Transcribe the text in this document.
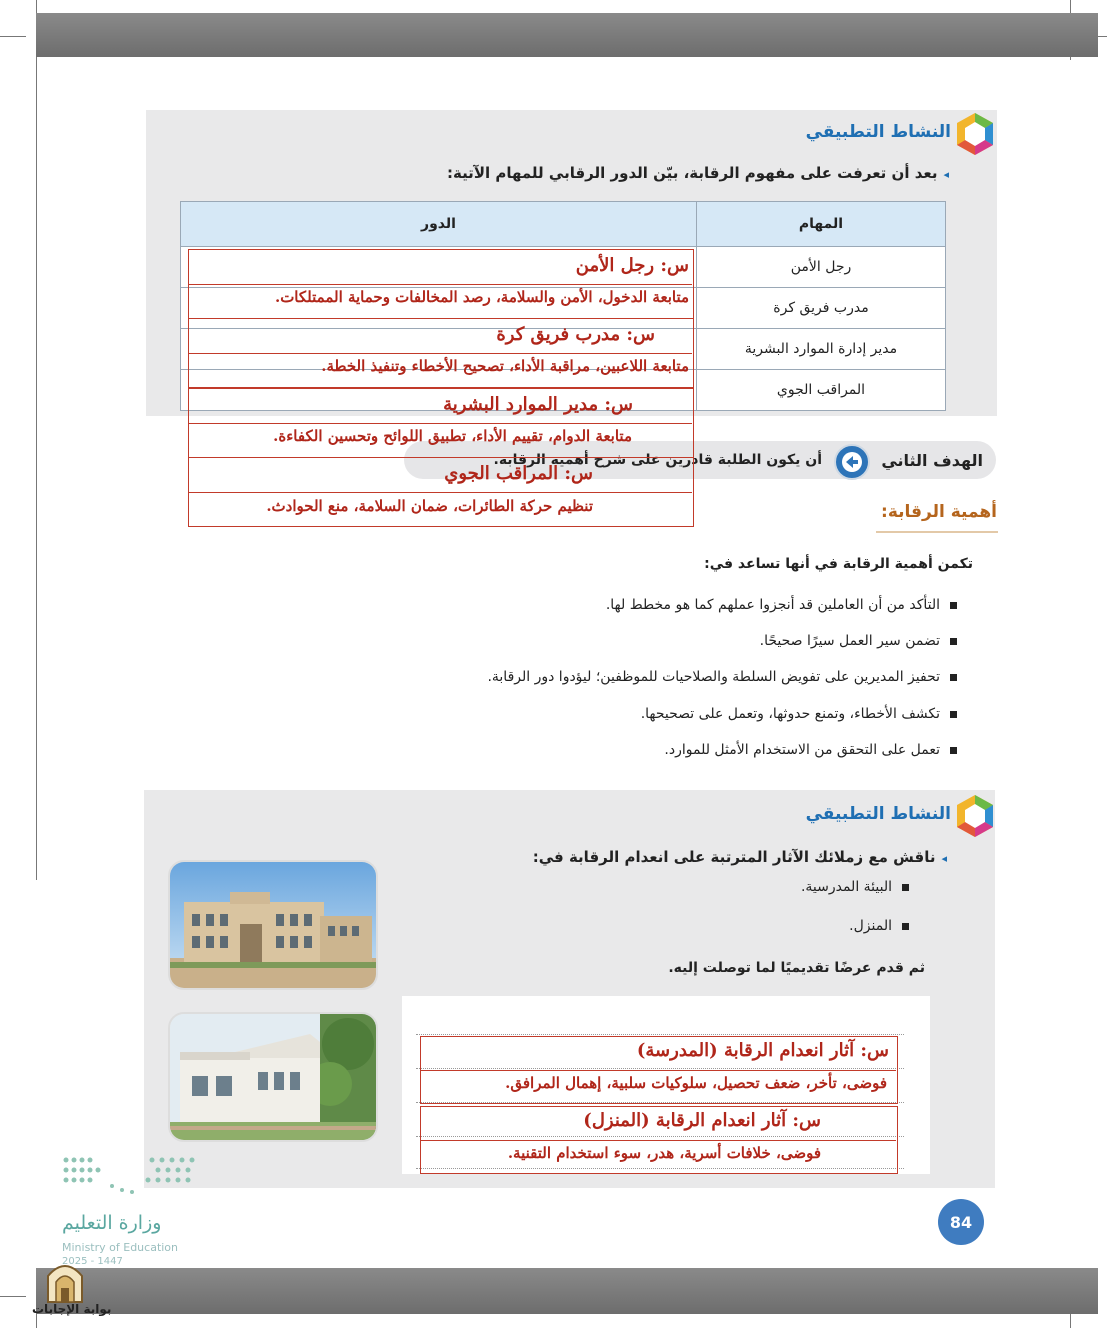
النشاط التطبيقي
◂بعد أن تعرفت على مفهوم الرقابة، بيّن الدور الرقابي للمهام الآتية:
المهام	الدور
رجل الأمن	
مدرب فريق كرة	
مدير إدارة الموارد البشرية	
المراقب الجوي	
الهدف الثاني
أن يكون الطلبة قادرين على شرح أهمية الرقابة.
س: رجل الأمن
متابعة الدخول، الأمن والسلامة، رصد المخالفات وحماية الممتلكات.
س: مدرب فريق كرة
متابعة اللاعبين، مراقبة الأداء، تصحيح الأخطاء وتنفيذ الخطة.
س: مدير الموارد البشرية
متابعة الدوام، تقييم الأداء، تطبيق اللوائح وتحسين الكفاءة.
س: المراقب الجوي
تنظيم حركة الطائرات، ضمان السلامة، منع الحوادث.	أهمية الرقابة:
تكمن أهمية الرقابة في أنها تساعد في:
التأكد من أن العاملين قد أنجزوا عملهم كما هو مخطط لها.
تضمن سير العمل سيرًا صحيحًا.
تحفيز المديرين على تفويض السلطة والصلاحيات للموظفين؛ ليؤدوا دور الرقابة.
تكشف الأخطاء، وتمنع حدوثها، وتعمل على تصحيحها.
تعمل على التحقق من الاستخدام الأمثل للموارد.
النشاط التطبيقي
◂ناقش مع زملائك الآثار المترتبة على انعدام الرقابة في:
البيئة المدرسية.
المنزل.
ثم قدم عرضًا تقديميًا لما توصلت إليه.
س: آثار انعدام الرقابة (المدرسة)
فوضى، تأخر، ضعف تحصيل، سلوكيات سلبية، إهمال المرافق.
س: آثار انعدام الرقابة (المنزل)
فوضى، خلافات أسرية، هدر، سوء استخدام التقنية.
84
وزارة التعليم
Ministry of Education
2025 - 1447
بوابة الإجابات
